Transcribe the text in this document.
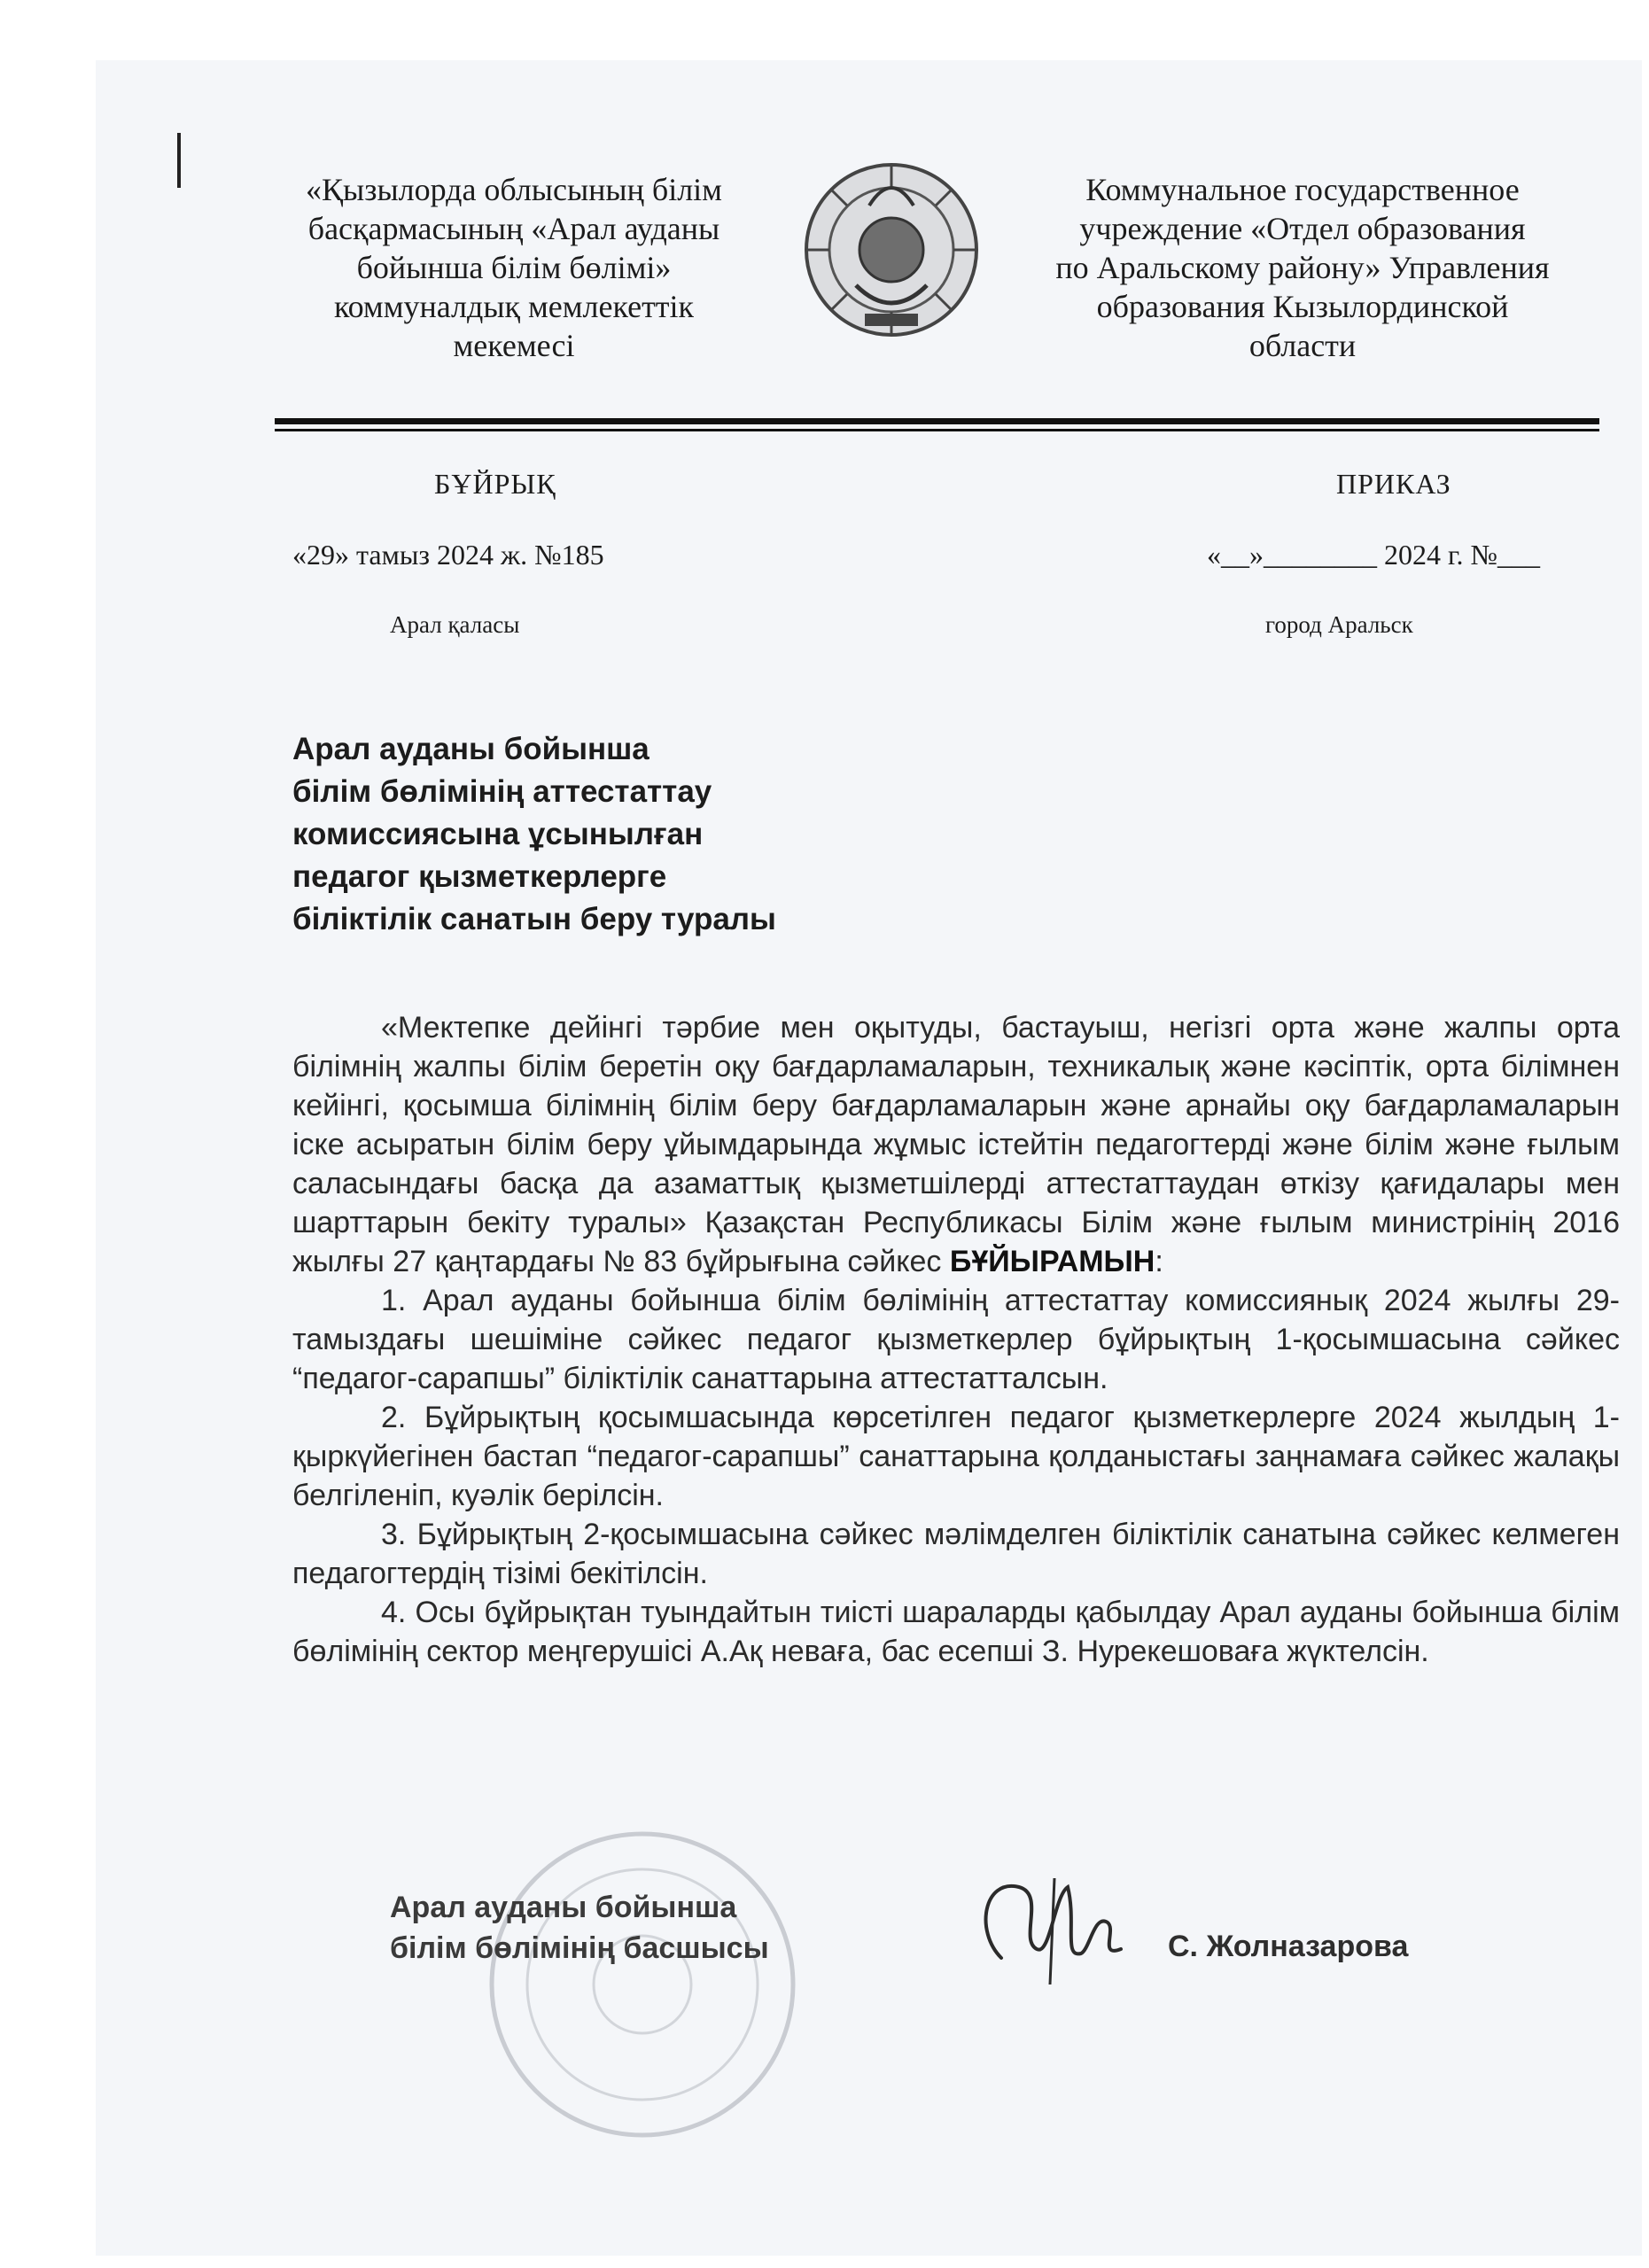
«Қызылорда облысының білім
басқармасының «Арал ауданы
бойынша білім бөлімі»
коммуналдық мемлекеттік
мекемесі
Коммунальное государственное
учреждение «Отдел образования
по Аральскому району» Управления
образования Кызылординской
области
БҰЙРЫҚ	ПРИКАЗ
«29» тамыз 2024 ж. №185	«__»________ 2024 г. №___
Арал қаласы	город Аральск
Арал ауданы бойынша
білім бөлімінің аттестаттау
комиссиясына ұсынылған
педагог қызметкерлерге
біліктілік санатын беру туралы

«Мектепке дейінгі тәрбие мен оқытуды, бастауыш, негізгі орта және жалпы орта білімнің жалпы білім беретін оқу бағдарламаларын, техникалық және кәсіптік, орта білімнен кейінгі, қосымша білімнің білім беру бағдарламаларын және арнайы оқу бағдарламаларын іске асыратын білім беру ұйымдарында жұмыс істейтін педагогтерді және білім және ғылым саласындағы басқа да азаматтық қызметшілерді аттестаттаудан өткізу қағидалары мен шарттарын бекіту туралы» Қазақстан Республикасы Білім және ғылым министрінің 2016 жылғы 27 қаңтардағы № 83 бұйрығына сәйкес БҰЙЫРАМЫН:

1. Арал ауданы бойынша білім бөлімінің аттестаттау комиссиянық 2024 жылғы 29-тамыздағы шешіміне сәйкес педагог қызметкерлер бұйрықтың 1-қосымшасына сәйкес “педагог-сарапшы” біліктілік санаттарына аттестатталсын.

2. Бұйрықтың қосымшасында көрсетілген педагог қызметкерлерге 2024 жылдың 1-қыркүйегінен бастап “педагог-сарапшы” санаттарына қолданыстағы заңнамаға сәйкес жалақы белгіленіп, куәлік берілсін.

3. Бұйрықтың 2-қосымшасына сәйкес мәлімделген біліктілік санатына сәйкес келмеген педагогтердің тізімі бекітілсін.

4. Осы бұйрықтан туындайтын тиісті шараларды қабылдау Арал ауданы бойынша білім бөлімінің сектор меңгерушісі А.Ақ неваға, бас есепші З. Нурекешоваға жүктелсін.

Арал ауданы бойынша
білім бөлімінің басшысы	С. Жолназарова
